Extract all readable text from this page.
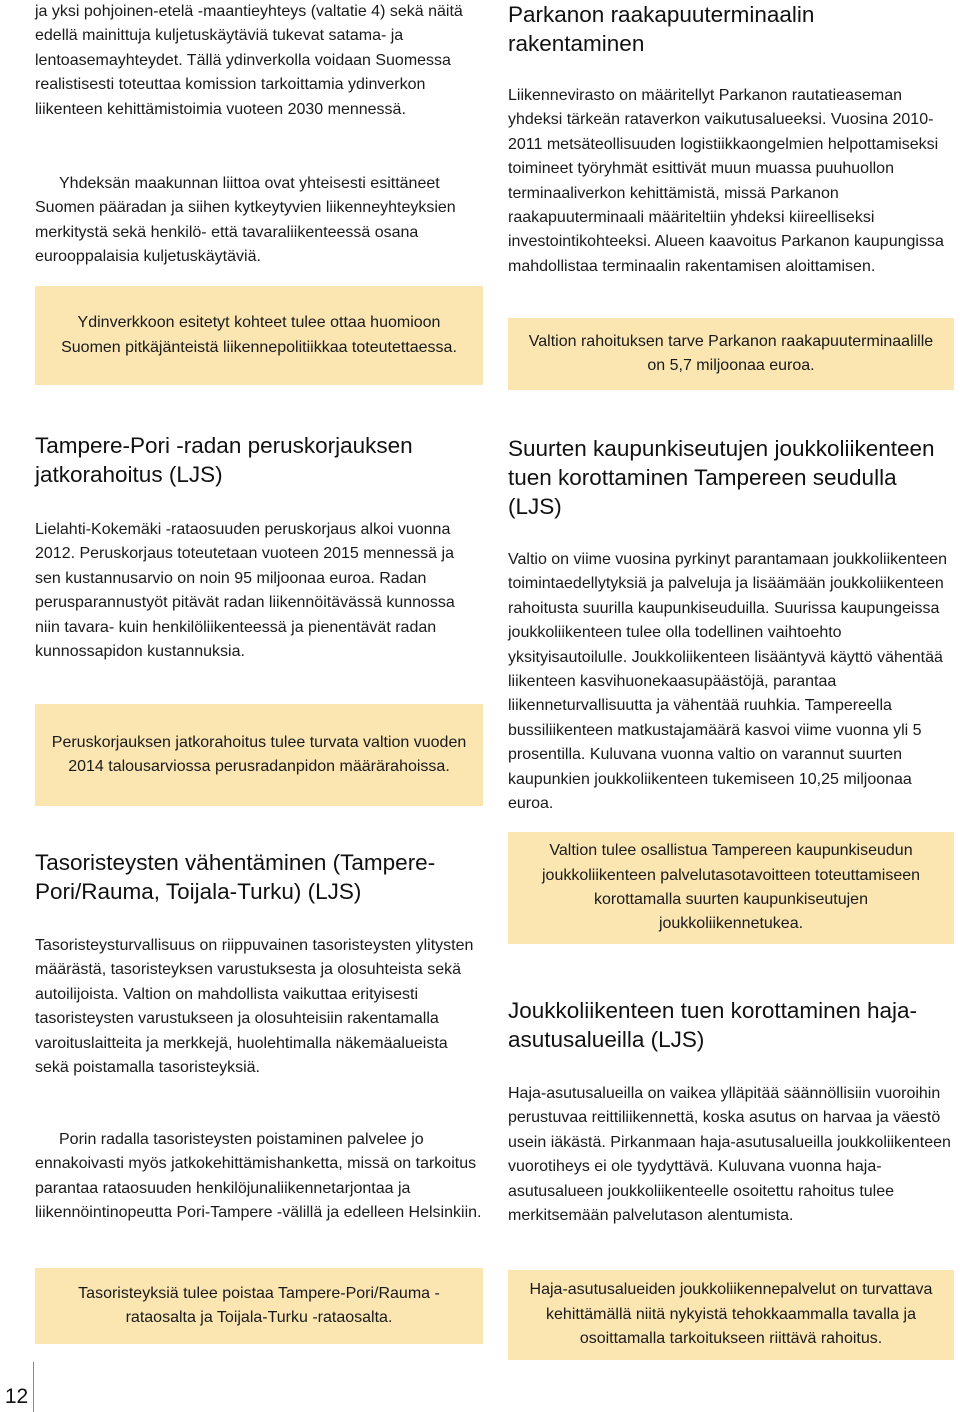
ja yksi pohjoinen-etelä -maantieyhteys (valtatie 4) sekä näitä edellä mainittuja kuljetuskäytäviä tukevat satama- ja lentoasemayhteydet. Tällä ydinverkolla voidaan Suomessa realistisesti toteuttaa komission tarkoittamia ydinverkon liikenteen kehittämistoimia vuoteen 2030 mennessä.

Yhdeksän maakunnan liittoa ovat yhteisesti esittäneet Suomen pääradan ja siihen kytkeytyvien liikenneyhteyksien merkitystä sekä henkilö- että tavaraliikenteessä osana eurooppalaisia kuljetuskäytäviä.

Ydinverkkoon esitetyt kohteet tulee ottaa huomioon Suomen pitkäjänteistä liikennepolitiikkaa toteutettaessa.

Tampere-Pori -radan peruskorjauksen jatkorahoitus (LJS)

Lielahti-Kokemäki -rataosuuden peruskorjaus alkoi vuonna 2012. Peruskorjaus toteutetaan vuoteen 2015 mennessä ja sen kustannusarvio on noin 95 miljoonaa euroa. Radan perusparannustyöt pitävät radan liikennöitävässä kunnossa niin tavara- kuin henkilöliikenteessä ja pienentävät radan kunnossapidon kustannuksia.

Peruskorjauksen jatkorahoitus tulee turvata valtion vuoden 2014 talousarviossa perusradanpidon määrärahoissa.

Tasoristeysten vähentäminen (Tampere-Pori/Rauma, Toijala-Turku) (LJS)

Tasoristeysturvallisuus on riippuvainen tasoristeysten ylitysten määrästä, tasoristeyksen varustuksesta ja olosuhteista sekä autoilijoista. Valtion on mahdollista vaikuttaa erityisesti tasoristeysten varustukseen ja olosuhteisiin rakentamalla varoituslaitteita ja merkkejä, huolehtimalla näkemäalueista sekä poistamalla tasoristeyksiä.

Porin radalla tasoristeysten poistaminen palvelee jo ennakoivasti myös jatkokehittämishanketta, missä on tarkoitus parantaa rataosuuden henkilöjunaliikennetarjontaa ja liikennöintinopeutta Pori-Tampere -välillä ja edelleen Helsinkiin.

Tasoristeyksiä tulee poistaa Tampere-Pori/Rauma -rataosalta ja Toijala-Turku -rataosalta.

Parkanon raakapuuterminaalin rakentaminen

Liikennevirasto on määritellyt Parkanon rautatieaseman yhdeksi tärkeän rataverkon vaikutusalueeksi. Vuosina 2010-2011 metsäteollisuuden logistiikkaongelmien helpottamiseksi toimineet työryhmät esittivät muun muassa puuhuollon terminaaliverkon kehittämistä, missä Parkanon raakapuuterminaali määriteltiin yhdeksi kiireelliseksi investointikohteeksi. Alueen kaavoitus Parkanon kaupungissa mahdollistaa terminaalin rakentamisen aloittamisen.

Valtion rahoituksen tarve Parkanon raakapuuterminaalille on 5,7 miljoonaa euroa.

Suurten kaupunkiseutujen joukkoliikenteen tuen korottaminen Tampereen seudulla (LJS)

Valtio on viime vuosina pyrkinyt parantamaan joukkoliikenteen toimintaedellytyksiä ja palveluja ja lisäämään joukkoliikenteen rahoitusta suurilla kaupunkiseuduilla. Suurissa kaupungeissa joukkoliikenteen tulee olla todellinen vaihtoehto yksityisautoilulle. Joukkoliikenteen lisääntyvä käyttö vähentää liikenteen kasvihuonekaasupäästöjä, parantaa liikenneturvallisuutta ja vähentää ruuhkia. Tampereella bussiliikenteen matkustajamäärä kasvoi viime vuonna yli 5 prosentilla. Kuluvana vuonna valtio on varannut suurten kaupunkien joukkoliikenteen tukemiseen 10,25 miljoonaa euroa.

Valtion tulee osallistua Tampereen kaupunkiseudun joukkoliikenteen palvelutasotavoitteen toteuttamiseen korottamalla suurten kaupunkiseutujen joukkoliikennetukea.

Joukkoliikenteen tuen korottaminen haja-asutusalueilla (LJS)

Haja-asutusalueilla on vaikea ylläpitää säännöllisiin vuoroihin perustuvaa reittiliikennettä, koska asutus on harvaa ja väestö usein iäkästä. Pirkanmaan haja-asutusalueilla joukkoliikenteen vuorotiheys ei ole tyydyttävä. Kuluvana vuonna haja-asutusalueen joukkoliikenteelle osoitettu rahoitus tulee merkitsemään palvelutason alentumista.

Haja-asutusalueiden joukkoliikennepalvelut on turvattava kehittämällä niitä nykyistä tehokkaammalla tavalla ja osoittamalla tarkoitukseen riittävä rahoitus.

12
